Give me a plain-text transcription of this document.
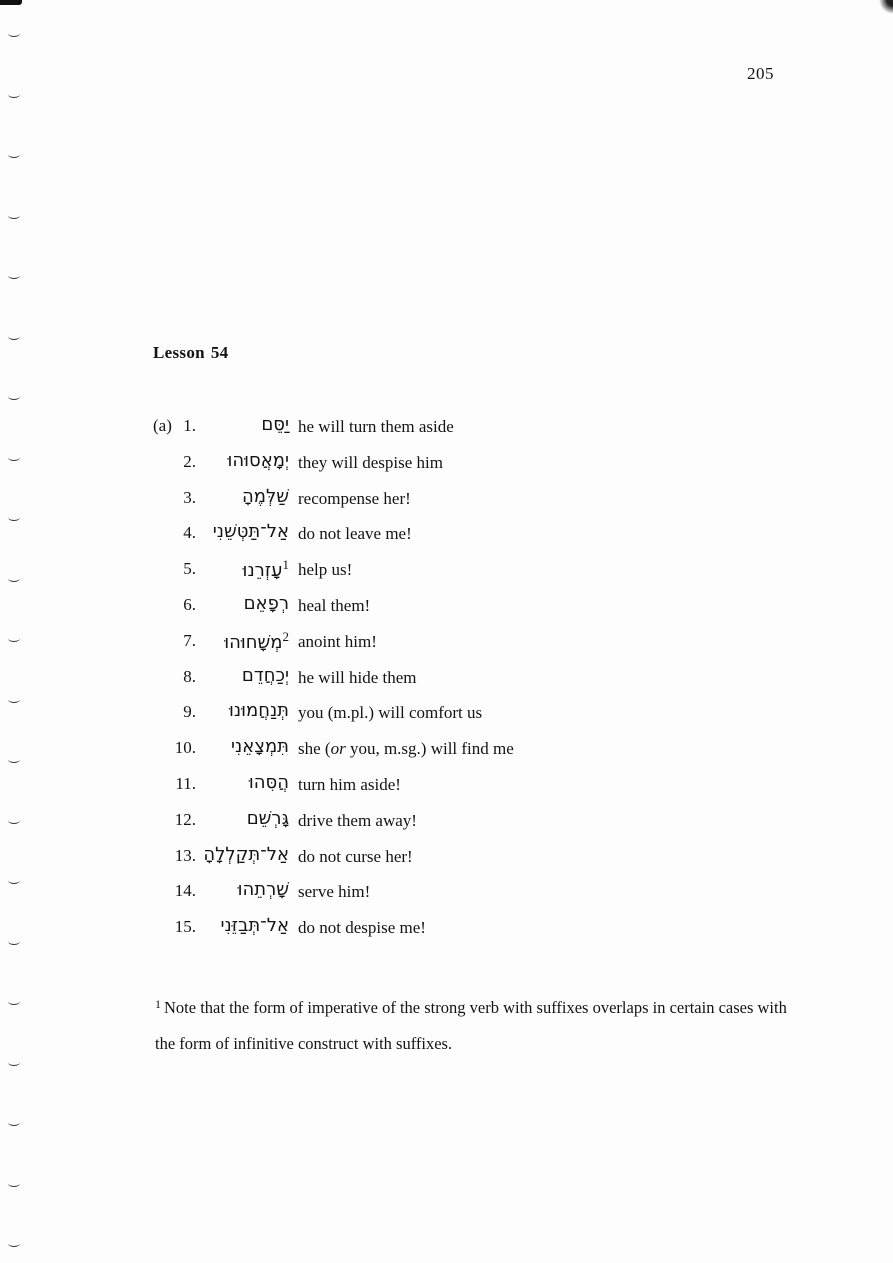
205
Lesson 54
(a) 1.	יַסֵּם he will turn them aside
2. יְמָאֲסוּהוּ they will despise him
3.	שַׁלְּמֶהָ recompense her!
4. אַל־תַּטְּשֵׁנִי do not leave me!
5.	$^1$עָזְרֵנוּ help us!
6.	רְפָאֵם heal them!
7.	$^2$מְשָׁחוּהוּ anoint him!
8.	יְכַחֲדֵם he will hide them
9. תְּנַחֲמוּנוּ you (m.pl.) will comfort us
10. תִּמְצָאֵנִי she (or you, m.sg.) will find me
11.	הֲסִּהוּ turn him aside!
12.	גָּרְשֵׁם drive them away!
13. אַל־תְּקַלְלָהָ do not curse her!
14. שָׁרְתֵהוּ serve him!
15. אַל־תְּבַזֵּנִי do not despise me!
$^1$ Note that the form of imperative of the strong verb with suffixes overlaps in certain cases with the form of infinitive construct with suffixes.
